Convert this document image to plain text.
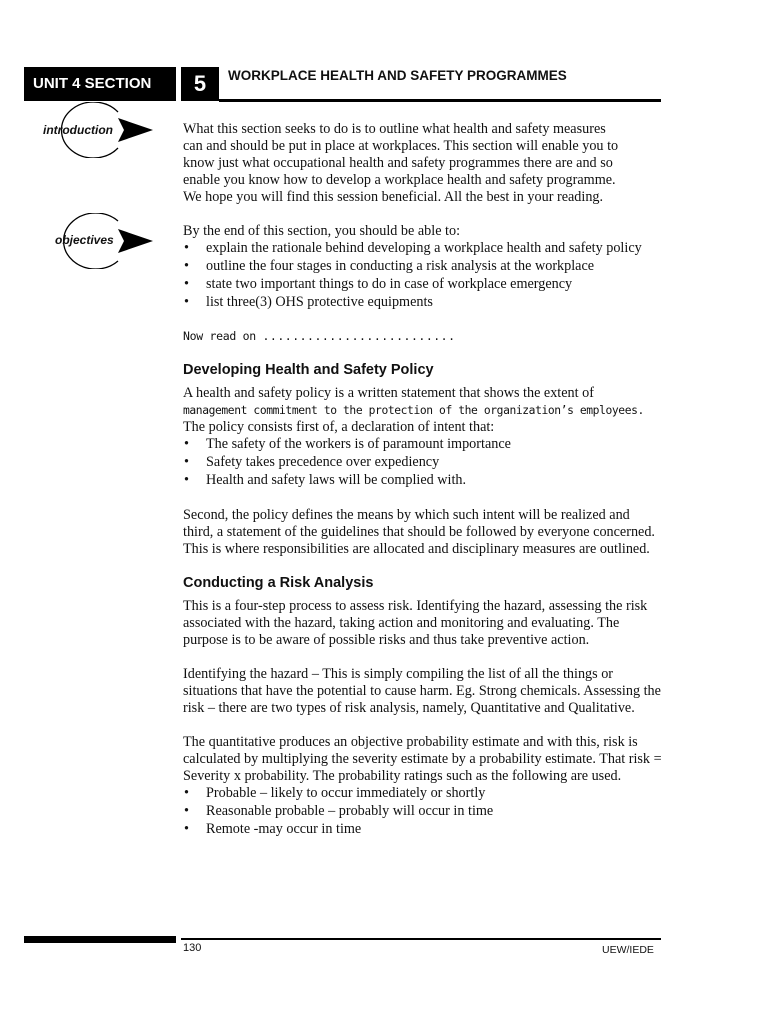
UNIT 4 SECTION	5	WORKPLACE HEALTH AND SAFETY PROGRAMMES
introduction
objectives

What this section seeks to do is to outline what health and safety measures
can and should be put in place at workplaces. This section will enable you to
know just what occupational health and safety programmes there are and so
enable you know how to develop a workplace health and safety programme.
We hope you will find this session beneficial. All the best in your reading.

By the end of this section, you should be able to:

• explain the rationale behind developing a workplace health and safety policy
• outline the four stages in conducting a risk analysis at the workplace
• state two important things to do in case of workplace emergency
• list three(3) OHS protective equipments

Now read on ..........................

Developing Health and Safety Policy

A health and safety policy is a written statement that shows the extent of
management commitment to the protection of the organization’s employees.
The policy consists first of, a declaration of intent that:

• The safety of the workers is of paramount importance
• Safety takes precedence over expediency
• Health and safety laws will be complied with.

Second, the policy defines the means by which such intent will be realized and third, a statement of the guidelines that should be followed by everyone concerned. This is where responsibilities are allocated and disciplinary measures are outlined.

Conducting a Risk Analysis

This is a four-step process to assess risk. Identifying the hazard, assessing the risk associated with the hazard, taking action and monitoring and evaluating. The purpose is to be aware of possible risks and thus take preventive action.

Identifying the hazard – This is simply compiling the list of all the things or situations that have the potential to cause harm. Eg. Strong chemicals. Assessing the risk – there are two types of risk analysis, namely, Quantitative and Qualitative.

The quantitative produces an objective probability estimate and with this, risk is calculated by multiplying the severity estimate by a probability estimate. That risk = Severity x probability. The probability ratings such as the following are used.

• Probable – likely to occur immediately or shortly
• Reasonable probable – probably will occur in time
• Remote -may occur in time
130	UEW/IEDE
